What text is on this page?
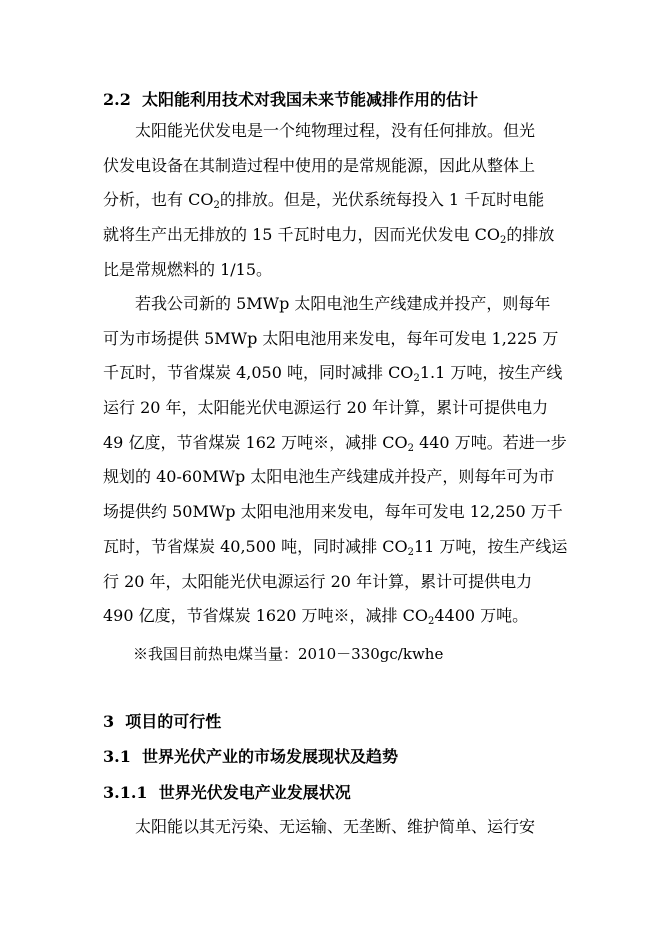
2.2 太阳能利用技术对我国未来节能减排作用的估计
太阳能光伏发电是一个纯物理过程，没有任何排放。但光
伏发电设备在其制造过程中使用的是常规能源，因此从整体上
分析，也有 $CO_2$的排放。但是，光伏系统每投入 1 千瓦时电能
就将生产出无排放的 15 千瓦时电力，因而光伏发电 $CO_2$的排放
比是常规燃料的 1/15。
若我公司新的 5MWp 太阳电池生产线建成并投产，则每年
可为市场提供 5MWp 太阳电池用来发电，每年可发电 1,225 万
千瓦时，节省煤炭 4,050 吨，同时减排 $CO_21.1$ 万吨，按生产线
运行 20 年，太阳能光伏电源运行 20 年计算，累计可提供电力
49 亿度，节省煤炭 162 万吨※，减排 $CO_2$ 440 万吨。若进一步
规划的 40-60MWp 太阳电池生产线建成并投产，则每年可为市
场提供约 50MWp 太阳电池用来发电，每年可发电 12,250 万千
瓦时，节省煤炭 40,500 吨，同时减排 $CO_211$ 万吨，按生产线运
行 20 年，太阳能光伏电源运行 20 年计算，累计可提供电力
490 亿度，节省煤炭 1620 万吨※，减排 $CO_24400$ 万吨。
※我国目前热电煤当量：2010－330gc/kwhe
3 项目的可行性
3.1 世界光伏产业的市场发展现状及趋势
3.1.1 世界光伏发电产业发展状况
太阳能以其无污染、无运输、无垄断、维护简单、运行安
